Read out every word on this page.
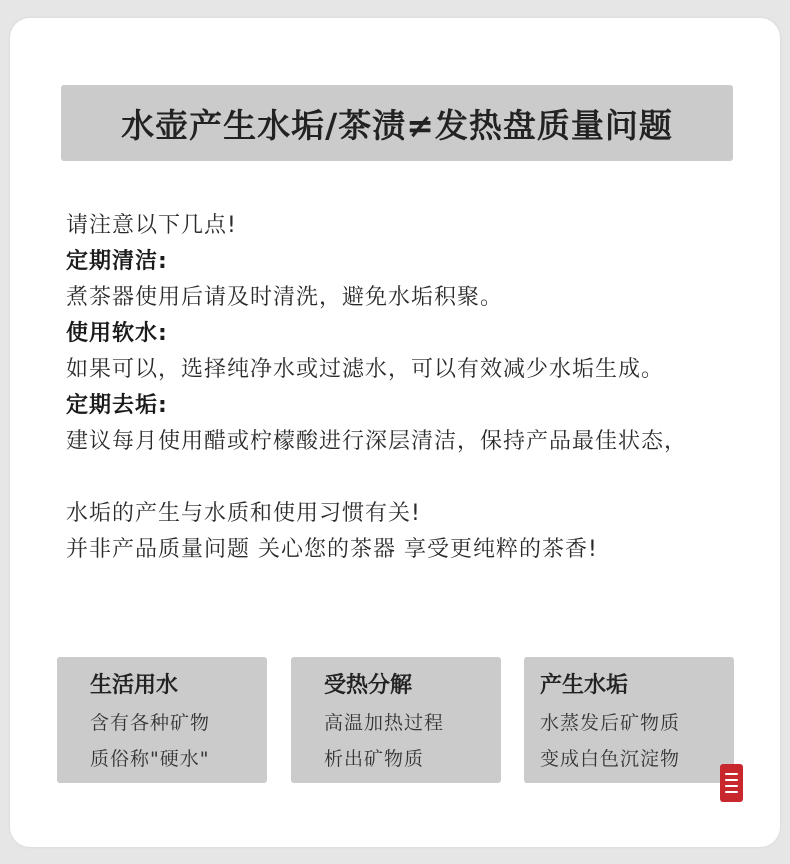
水壶产生水垢/茶渍≠发热盘质量问题
请注意以下几点!
定期清洁:
煮茶器使用后请及时清洗，避免水垢积聚。
使用软水:
如果可以，选择纯净水或过滤水，可以有效减少水垢生成。
定期去垢:
建议每月使用醋或柠檬酸进行深层清洁，保持产品最佳状态，
水垢的产生与水质和使用习惯有关!
并非产品质量问题 关心您的茶器 享受更纯粹的茶香!
生活用水
含有各种矿物
质俗称"硬水"
受热分解
高温加热过程
析出矿物质
产生水垢
水蒸发后矿物质
变成白色沉淀物
